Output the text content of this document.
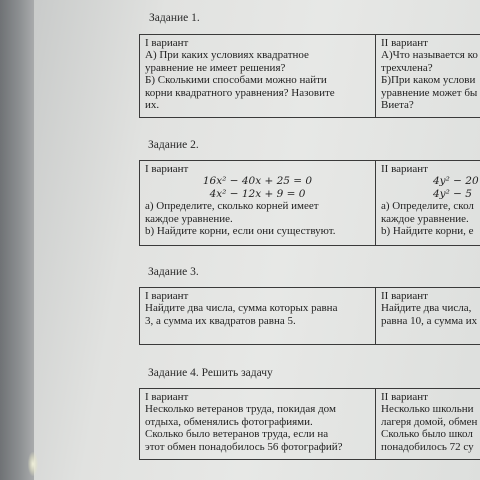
Задание 1.
I вариант
А) При каких условиях квадратное
уравнение не имеет решения?
Б) Сколькими способами можно найти
корни квадратного уравнения? Назовите
их.
II вариант
А)Что называется ко
трехчлена?
Б)При каком услови
уравнение может бы
Виета?
Задание 2.
I вариант
16x² − 40x + 25 = 0
4x² − 12x + 9 = 0
а) Определите, сколько корней имеет
каждое уравнение.
b) Найдите корни, если они существуют.
II вариант
4y² − 20
4y² − 5
а) Определите, скол
каждое уравнение.
b) Найдите корни, е
Задание 3.
I вариант
Найдите два числа, сумма которых равна
3, а сумма их квадратов равна 5.
II вариант
Найдите два числа,
равна 10, а сумма их
Задание 4. Решить задачу
I вариант
Несколько ветеранов труда, покидая дом
отдыха, обменялись фотографиями.
Сколько было ветеранов труда, если на
этот обмен понадобилось 56 фотографий?
II вариант
Несколько школьни
лагеря домой, обмен
Сколько было школ
понадобилось 72 су
